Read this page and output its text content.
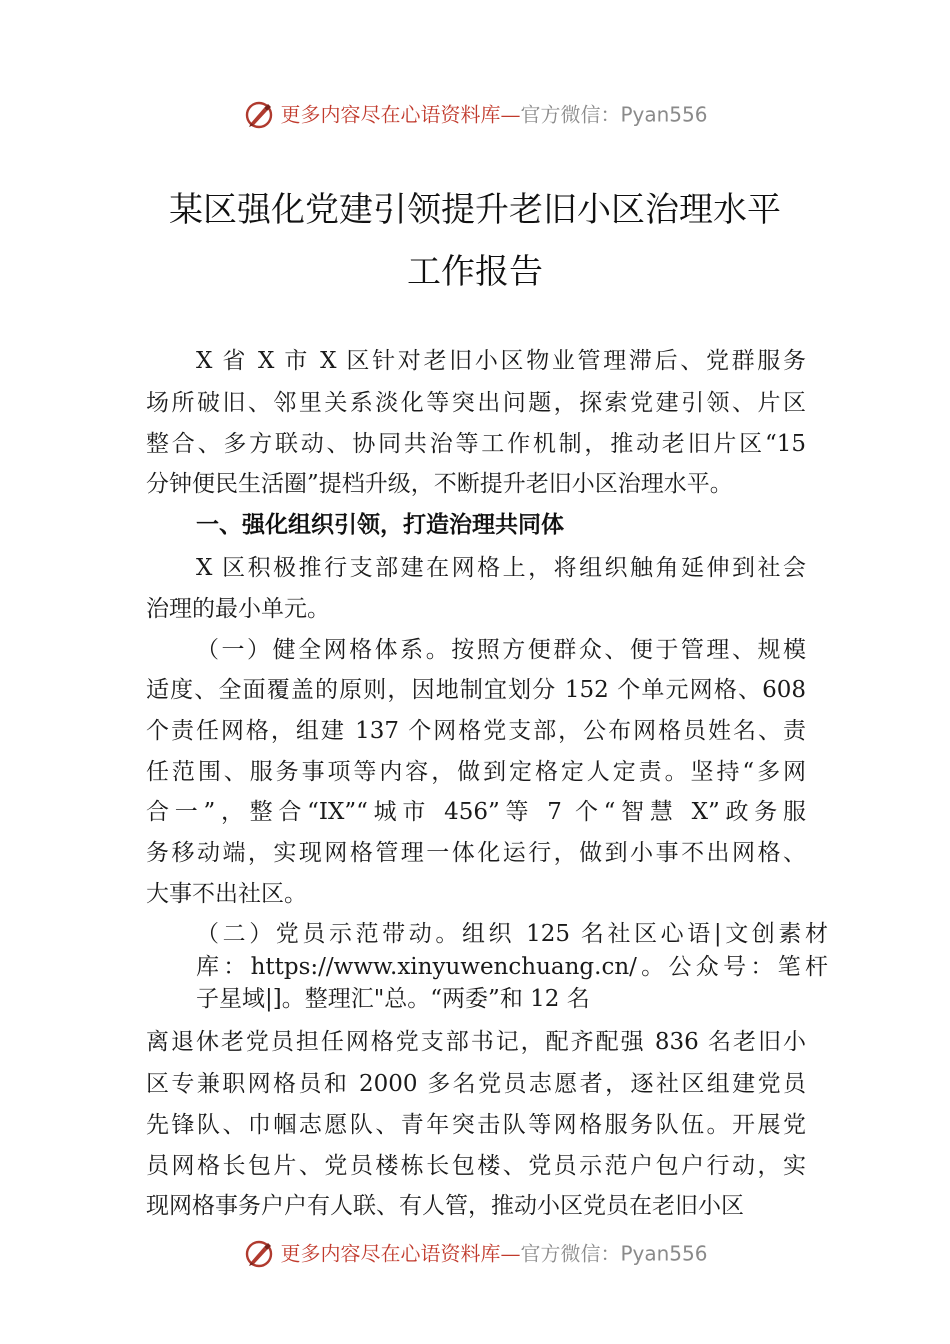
更多内容尽在心语资料库—官方微信：Pyan556
某区强化党建引领提升老旧小区治理水平
工作报告
X 省 X 市 X 区针对老旧小区物业管理滞后、党群服务
场所破旧、邻里关系淡化等突出问题，探索党建引领、片区
整合、多方联动、协同共治等工作机制，推动老旧片区“15
分钟便民生活圈”提档升级，不断提升老旧小区治理水平。
一、强化组织引领，打造治理共同体
X 区积极推行支部建在网格上，将组织触角延伸到社会
治理的最小单元。
（一）健全网格体系。按照方便群众、便于管理、规模
适度、全面覆盖的原则，因地制宜划分 152 个单元网格、608
个责任网格，组建 137 个网格党支部，公布网格员姓名、责
任范围、服务事项等内容，做到定格定人定责。坚持“多网
合一”，整合“IX”“城市 456”等 7 个“智慧 X”政务服
务移动端，实现网格管理一体化运行，做到小事不出网格、
大事不出社区。
（二）党员示范带动。组织 125 名社区心语|文创素材
库：https://www.xinyuwenchuang.cn/。公众号：笔杆
子星域|]。整理汇"总。“两委”和 12 名
离退休老党员担任网格党支部书记，配齐配强 836 名老旧小
区专兼职网格员和 2000 多名党员志愿者，逐社区组建党员
先锋队、巾帼志愿队、青年突击队等网格服务队伍。开展党
员网格长包片、党员楼栋长包楼、党员示范户包户行动，实
现网格事务户户有人联、有人管，推动小区党员在老旧小区
更多内容尽在心语资料库—官方微信：Pyan556
